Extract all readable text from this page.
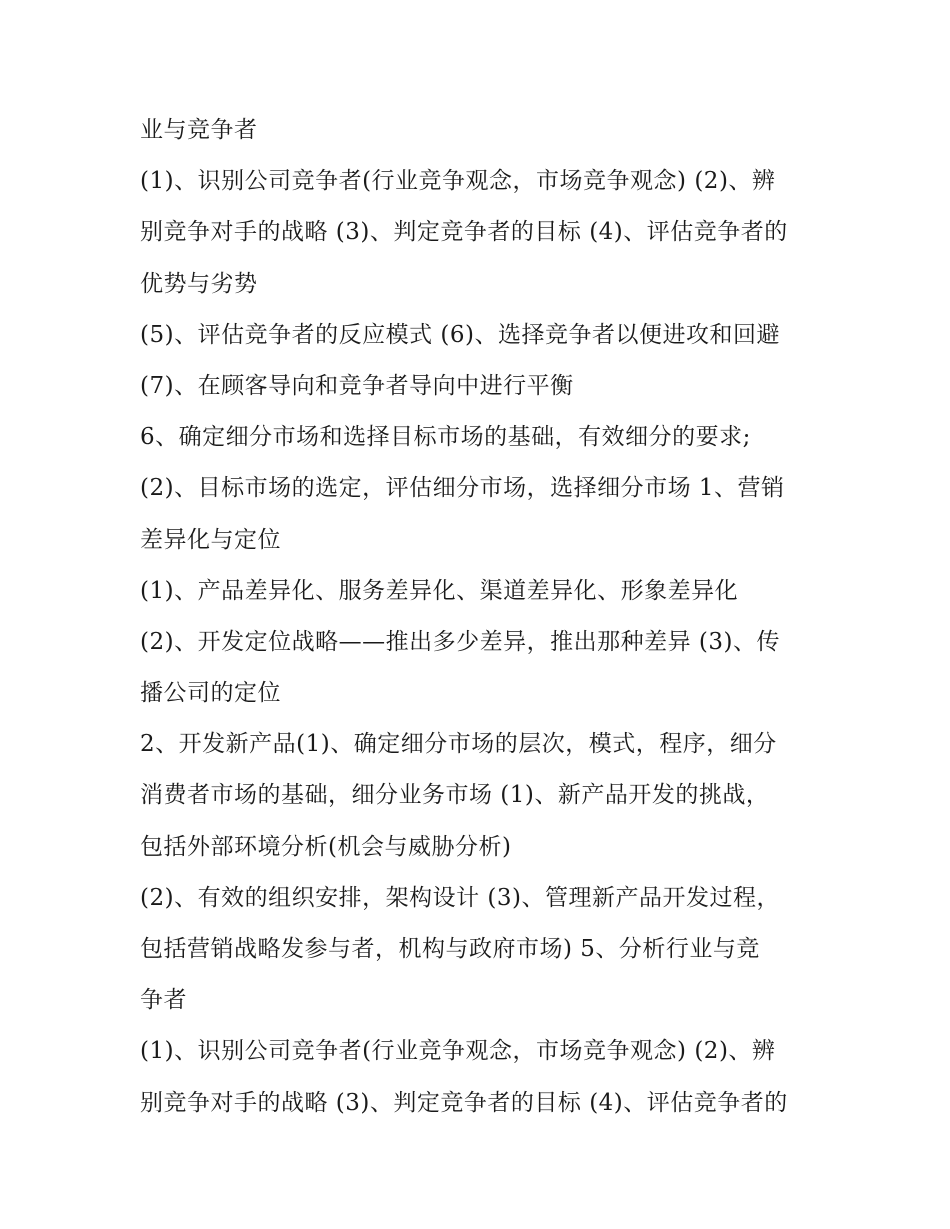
业与竞争者
(1)、识别公司竞争者(行业竞争观念，市场竞争观念) (2)、辨
别竞争对手的战略 (3)、判定竞争者的目标 (4)、评估竞争者的
优势与劣势
(5)、评估竞争者的反应模式 (6)、选择竞争者以便进攻和回避
(7)、在顾客导向和竞争者导向中进行平衡
6、确定细分市场和选择目标市场的基础，有效细分的要求;
(2)、目标市场的选定，评估细分市场，选择细分市场 1、营销
差异化与定位
(1)、产品差异化、服务差异化、渠道差异化、形象差异化
(2)、开发定位战略——推出多少差异，推出那种差异 (3)、传
播公司的定位
2、开发新产品(1)、确定细分市场的层次，模式，程序，细分
消费者市场的基础，细分业务市场 (1)、新产品开发的挑战，
包括外部环境分析(机会与威胁分析)
(2)、有效的组织安排，架构设计 (3)、管理新产品开发过程，
包括营销战略发参与者，机构与政府市场) 5、分析行业与竞
争者
(1)、识别公司竞争者(行业竞争观念，市场竞争观念) (2)、辨
别竞争对手的战略 (3)、判定竞争者的目标 (4)、评估竞争者的
